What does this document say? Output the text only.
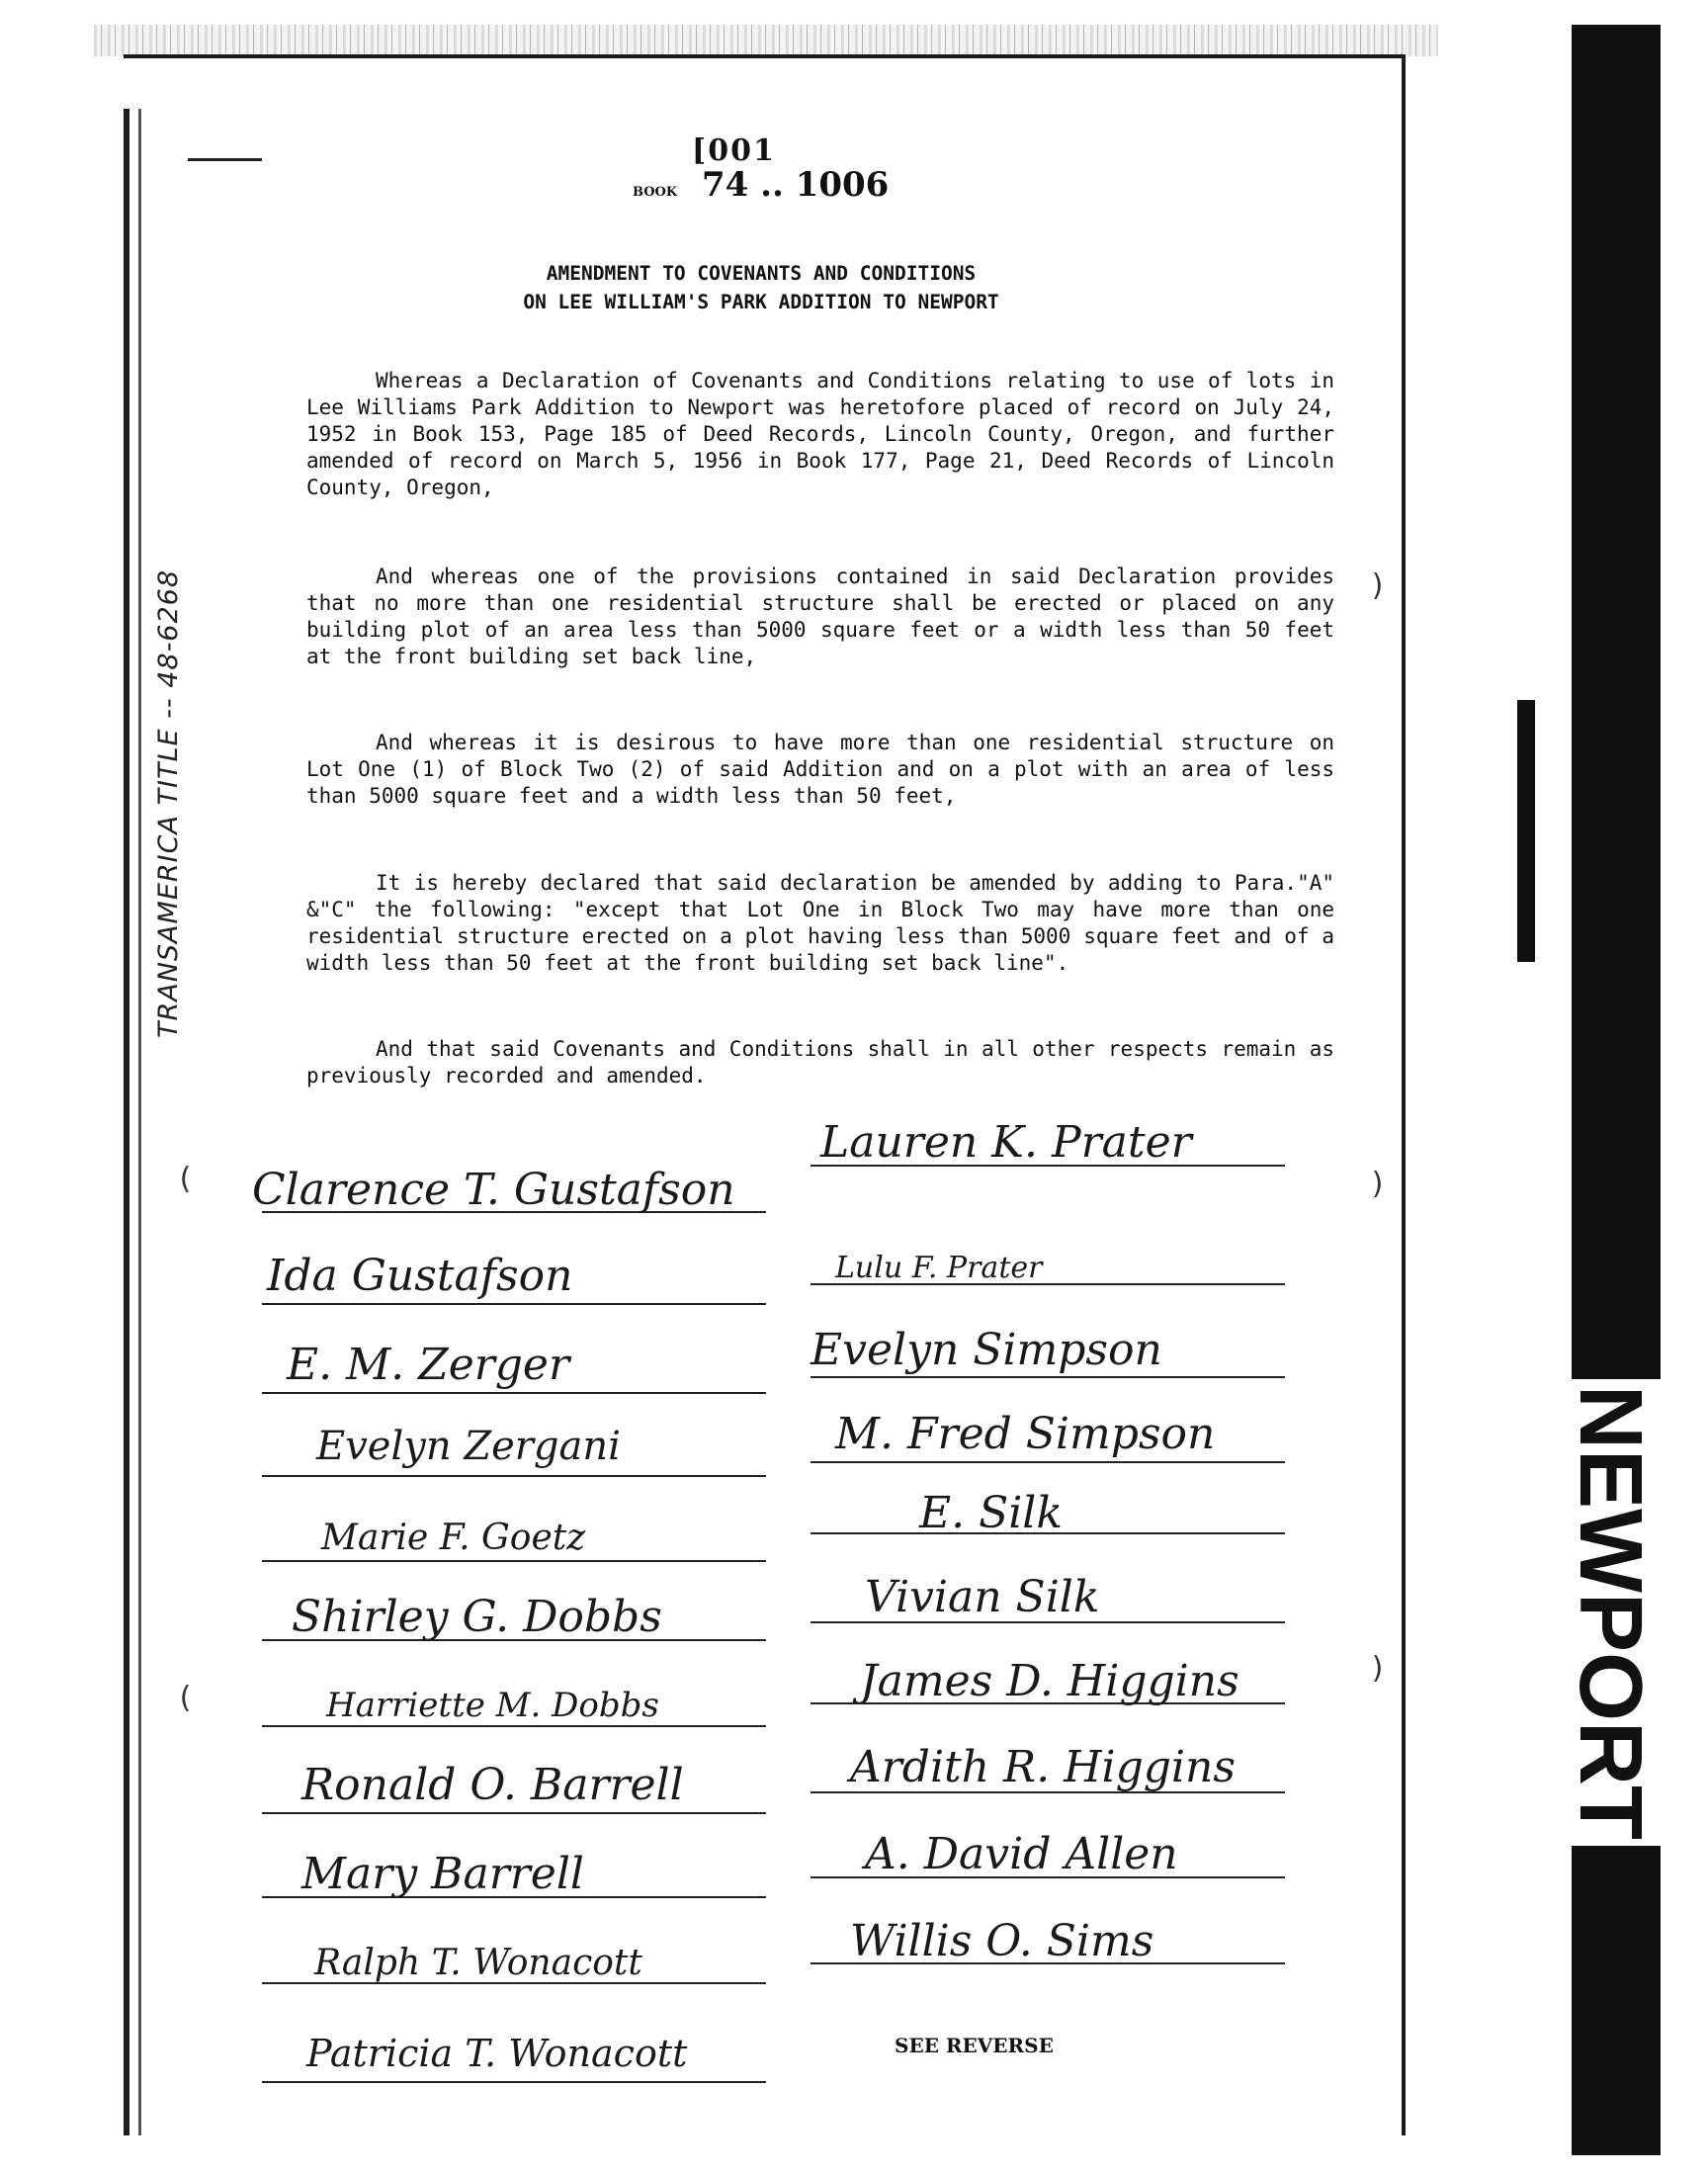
[001
BOOK 74 .. 1006
AMENDMENT TO COVENANTS AND CONDITIONS
ON LEE WILLIAM'S PARK ADDITION TO NEWPORT

Whereas a Declaration of Covenants and Conditions relating to use of lots in Lee Williams Park Addition to Newport was heretofore placed of record on July 24, 1952 in Book 153, Page 185 of Deed Records, Lincoln County, Oregon, and further amended of record on March 5, 1956 in Book 177, Page 21, Deed Records of Lincoln County, Oregon,

And whereas one of the provisions contained in said Declaration provides that no more than one residential structure shall be erected or placed on any building plot of an area less than 5000 square feet or a width less than 50 feet at the front building set back line,

And whereas it is desirous to have more than one residential structure on Lot One (1) of Block Two (2) of said Addition and on a plot with an area of less than 5000 square feet and a width less than 50 feet,

It is hereby declared that said declaration be amended by adding to Para."A" &"C" the following: "except that Lot One in Block Two may have more than one residential structure erected on a plot having less than 5000 square feet and of a width less than 50 feet at the front building set back line".

And that said Covenants and Conditions shall in all other respects remain as previously recorded and amended.

TRANSAMERICA TITLE -- 48-6268
NEWPORT
)
)
)
(
(
Clarence T. Gustafson
Ida Gustafson
E. M. Zerger
Evelyn Zergani
Marie F. Goetz
Shirley G. Dobbs
Harriette M. Dobbs
Ronald O. Barrell
Mary Barrell
Ralph T. Wonacott
Patricia T. Wonacott
Lauren K. Prater
Lulu F. Prater
Evelyn Simpson
M. Fred Simpson
E. Silk
Vivian Silk
James D. Higgins
Ardith R. Higgins
A. David Allen
Willis O. Sims
SEE REVERSE
